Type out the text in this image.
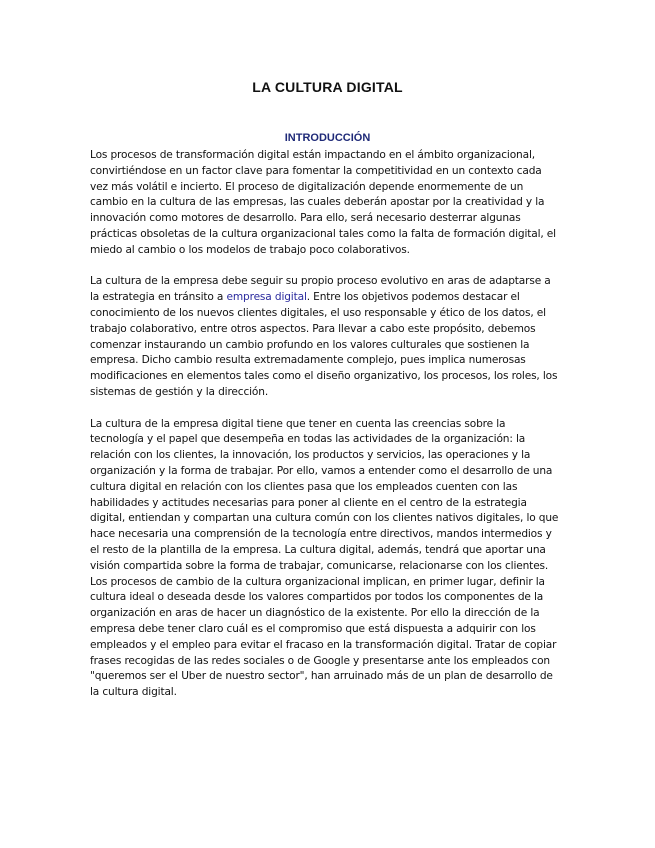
LA CULTURA DIGITAL
INTRODUCCIÓN

Los procesos de transformación digital están impactando en el ámbito organizacional, convirtiéndose en un factor clave para fomentar la competitividad en un contexto cada vez más volátil e incierto. El proceso de digitalización depende enormemente de un cambio en la cultura de las empresas, las cuales deberán apostar por la creatividad y la innovación como motores de desarrollo. Para ello, será necesario desterrar algunas prácticas obsoletas de la cultura organizacional tales como la falta de formación digital, el miedo al cambio o los modelos de trabajo poco colaborativos.

La cultura de la empresa debe seguir su propio proceso evolutivo en aras de adaptarse a la estrategia en tránsito a empresa digital. Entre los objetivos podemos destacar el conocimiento de los nuevos clientes digitales, el uso responsable y ético de los datos, el trabajo colaborativo, entre otros aspectos. Para llevar a cabo este propósito, debemos comenzar instaurando un cambio profundo en los valores culturales que sostienen la empresa. Dicho cambio resulta extremadamente complejo, pues implica numerosas modificaciones en elementos tales como el diseño organizativo, los procesos, los roles, los sistemas de gestión y la dirección.

La cultura de la empresa digital tiene que tener en cuenta las creencias sobre la tecnología y el papel que desempeña en todas las actividades de la organización: la relación con los clientes, la innovación, los productos y servicios, las operaciones y la organización y la forma de trabajar. Por ello, vamos a entender como el desarrollo de una cultura digital en relación con los clientes pasa que los empleados cuenten con las habilidades y actitudes necesarias para poner al cliente en el centro de la estrategia digital, entiendan y compartan una cultura común con los clientes nativos digitales, lo que hace necesaria una comprensión de la tecnología entre directivos, mandos intermedios y el resto de la plantilla de la empresa. La cultura digital, además, tendrá que aportar una visión compartida sobre la forma de trabajar, comunicarse, relacionarse con los clientes.

Los procesos de cambio de la cultura organizacional implican, en primer lugar, definir la cultura ideal o deseada desde los valores compartidos por todos los componentes de la organización en aras de hacer un diagnóstico de la existente. Por ello la dirección de la empresa debe tener claro cuál es el compromiso que está dispuesta a adquirir con los empleados y el empleo para evitar el fracaso en la transformación digital. Tratar de copiar frases recogidas de las redes sociales o de Google y presentarse ante los empleados con "queremos ser el Uber de nuestro sector", han arruinado más de un plan de desarrollo de la cultura digital.
